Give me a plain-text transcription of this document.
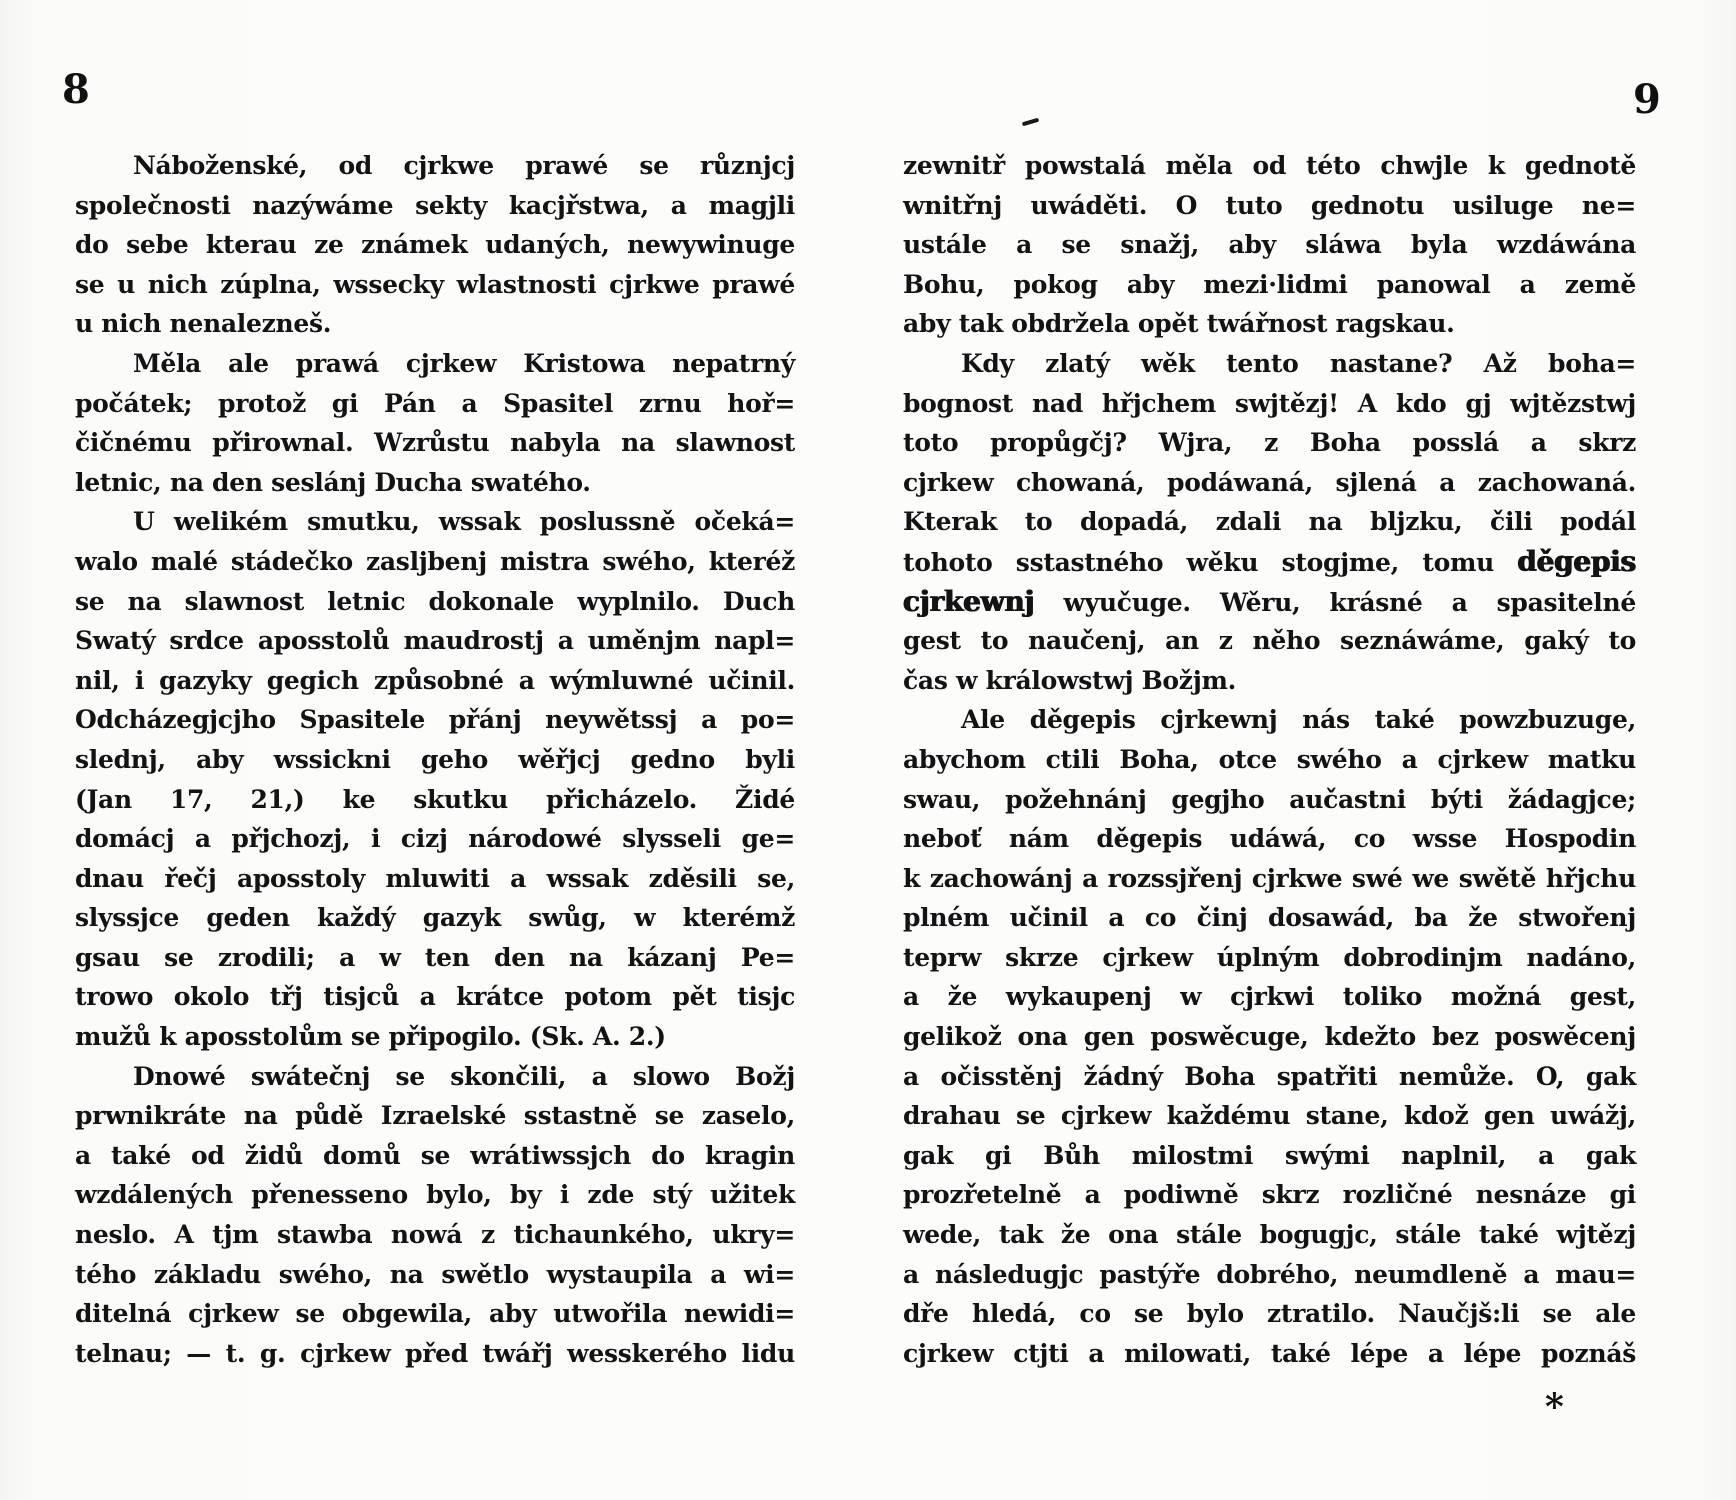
8	9
Náboženské, od cjrkwe prawé se různjcj
společnosti nazýwáme sekty kacjřstwa, a magjli
do sebe kterau ze známek udaných, newywinuge
se u nich zúplna, wssecky wlastnosti cjrkwe prawé
u nich nenalezneš.
Měla ale prawá cjrkew Kristowa nepatrný
počátek; protož gi Pán a Spasitel zrnu hoř=
čičnému přirownal. Wzrůstu nabyla na slawnost
letnic, na den seslánj Ducha swatého.
U welikém smutku, wssak poslussně očeká=
walo malé stádečko zasljbenj mistra swého, kteréž
se na slawnost letnic dokonale wyplnilo. Duch
Swatý srdce aposstolů maudrostj a uměnjm napl=
nil, i gazyky gegich způsobné a wýmluwné učinil.
Odcházegjcjho Spasitele přánj neywětssj a po=
slednj, aby wssickni geho wěřjcj gedno byli
(Jan 17, 21,) ke skutku přicházelo. Židé
domácj a přjchozj, i cizj národowé slysseli ge=
dnau řečj aposstoly mluwiti a wssak zděsili se,
slyssjce geden každý gazyk swůg, w kterémž
gsau se zrodili; a w ten den na kázanj Pe=
trowo okolo třj tisjců a krátce potom pět tisjc
mužů k aposstolům se připogilo. (Sk. A. 2.)
Dnowé swátečnj se skončili, a slowo Božj
prwnikráte na půdě Izraelské sstastně se zaselo,
a také od židů domů se wrátiwssjch do kragin
wzdálených přenesseno bylo, by i zde stý užitek
neslo. A tjm stawba nowá z tichaunkého, ukry=
tého základu swého, na swětlo wystaupila a wi=
ditelná cjrkew se obgewila, aby utwořila newidi=
telnau; — t. g. cjrkew před twářj wesskerého lidu
zewnitř powstalá měla od této chwjle k gednotě
wnitřnj uwáděti. O tuto gednotu usiluge ne=
ustále a se snažj, aby sláwa byla wzdáwána
Bohu, pokog aby mezi·lidmi panowal a země
aby tak obdržela opět twářnost ragskau.
Kdy zlatý wěk tento nastane? Až boha=
bognost nad hřjchem swjtězj! A kdo gj wjtězstwj
toto propůgčj? Wjra, z Boha posslá a skrz
cjrkew chowaná, podáwaná, sjlená a zachowaná.
Kterak to dopadá, zdali na bljzku, čili podál
tohoto sstastného wěku stogjme, tomu děgepis
cjrkewnj wyučuge. Wěru, krásné a spasitelné
gest to naučenj, an z něho seznáwáme, gaký to
čas w králowstwj Božjm.
Ale děgepis cjrkewnj nás také powzbuzuge,
abychom ctili Boha, otce swého a cjrkew matku
swau, požehnánj gegjho aučastni býti žádagjce;
neboť nám děgepis udáwá, co wsse Hospodin
k zachowánj a rozssjřenj cjrkwe swé we swětě hřjchu
plném učinil a co činj dosawád, ba že stwořenj
teprw skrze cjrkew úplným dobrodinjm nadáno,
a že wykaupenj w cjrkwi toliko možná gest,
gelikož ona gen poswěcuge, kdežto bez poswěcenj
a očisstěnj žádný Boha spatřiti nemůže. O, gak
drahau se cjrkew každému stane, kdož gen uwážj,
gak gi Bůh milostmi swými naplnil, a gak
prozřetelně a podiwně skrz rozličné nesnáze gi
wede, tak že ona stále bogugjc, stále také wjtězj
a následugjc pastýře dobrého, neumdleně a mau=
dře hledá, co se bylo ztratilo. Naučjš:li se ale
cjrkew ctjti a milowati, také lépe a lépe poznáš
*
